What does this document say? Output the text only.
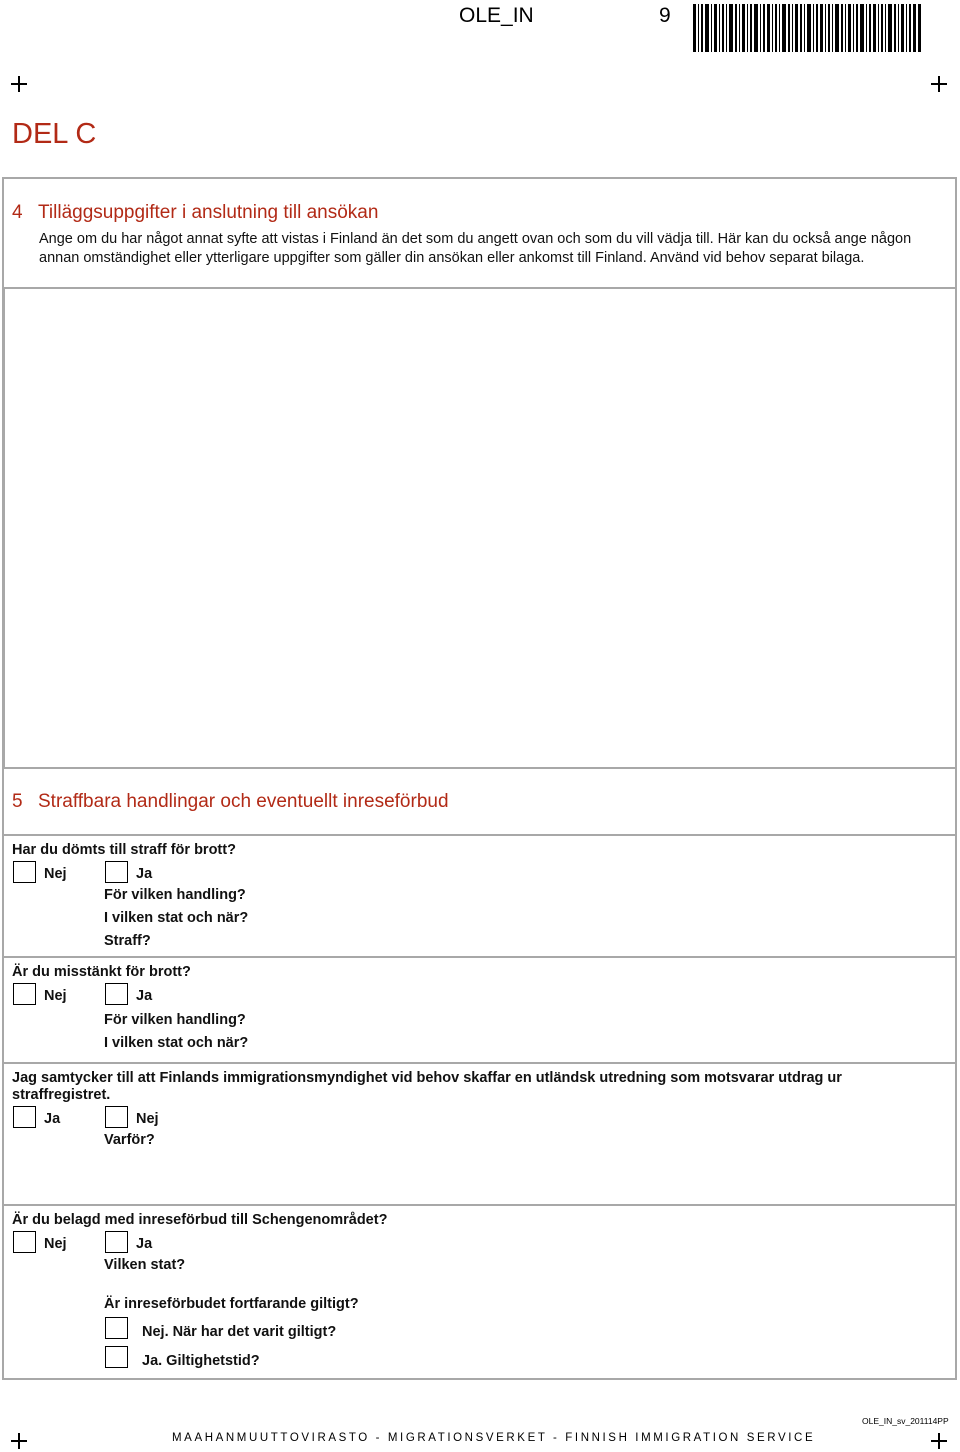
OLE_IN	9
DEL C
4 Tilläggsuppgifter i anslutning till ansökan
Ange om du har något annat syfte att vistas i Finland än det som du angett ovan och som du vill vädja till. Här kan du också ange någon
annan omständighet eller ytterligare uppgifter som gäller din ansökan eller ankomst till Finland. Använd vid behov separat bilaga.
5 Straffbara handlingar och eventuellt inreseförbud
Har du dömts till straff för brott?
Nej	Ja
För vilken handling?
I vilken stat och när?
Straff?
Är du misstänkt för brott?
Nej	Ja
För vilken handling?
I vilken stat och när?
Jag samtycker till att Finlands immigrationsmyndighet vid behov skaffar en utländsk utredning som motsvarar utdrag ur
straffregistret.
Ja	Nej
Varför?
Är du belagd med inreseförbud till Schengenområdet?
Nej	Ja
Vilken stat?
Är inreseförbudet fortfarande giltigt?
Nej. När har det varit giltigt?
Ja. Giltighetstid?
OLE_IN_sv_201114PP
MAAHANMUUTTOVIRASTO - MIGRATIONSVERKET - FINNISH IMMIGRATION SERVICE
